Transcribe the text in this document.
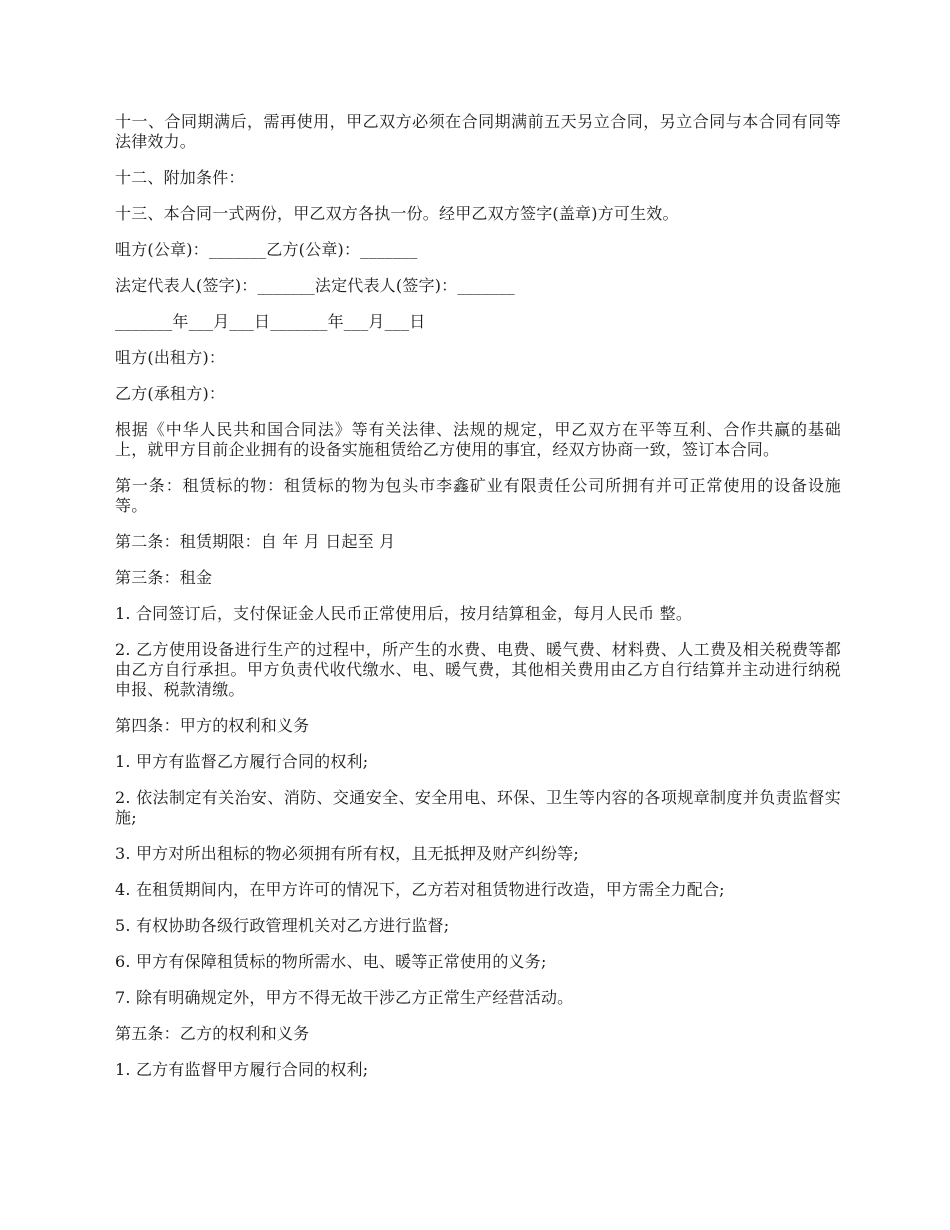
十一、合同期满后，需再使用，甲乙双方必须在合同期满前五天另立合同，另立合同与本合同有同等法律效力。

十二、附加条件：

十三、本合同一式两份，甲乙双方各执一份。经甲乙双方签字(盖章)方可生效。

咀方(公章)：_______乙方(公章)：_______

法定代表人(签字)：_______法定代表人(签字)：_______

_______年___月___日_______年___月___日

咀方(出租方)：

乙方(承租方)：

根据《中华人民共和国合同法》等有关法律、法规的规定，甲乙双方在平等互利、合作共赢的基础上，就甲方目前企业拥有的设备实施租赁给乙方使用的事宜，经双方协商一致，签订本合同。

第一条：租赁标的物：租赁标的物为包头市李鑫矿业有限责任公司所拥有并可正常使用的设备设施等。

第二条：租赁期限：自 年 月 日起至 月

第三条：租金

1. 合同签订后，支付保证金人民币正常使用后，按月结算租金，每月人民币 整。

2. 乙方使用设备进行生产的过程中，所产生的水费、电费、暖气费、材料费、人工费及相关税费等都由乙方自行承担。甲方负责代收代缴水、电、暖气费，其他相关费用由乙方自行结算并主动进行纳税申报、税款清缴。

第四条：甲方的权利和义务

1. 甲方有监督乙方履行合同的权利;

2. 依法制定有关治安、消防、交通安全、安全用电、环保、卫生等内容的各项规章制度并负责监督实施;

3. 甲方对所出租标的物必须拥有所有权，且无抵押及财产纠纷等;

4. 在租赁期间内，在甲方许可的情况下，乙方若对租赁物进行改造，甲方需全力配合;

5. 有权协助各级行政管理机关对乙方进行监督;

6. 甲方有保障租赁标的物所需水、电、暖等正常使用的义务;

7. 除有明确规定外，甲方不得无故干涉乙方正常生产经营活动。

第五条：乙方的权利和义务

1. 乙方有监督甲方履行合同的权利;
